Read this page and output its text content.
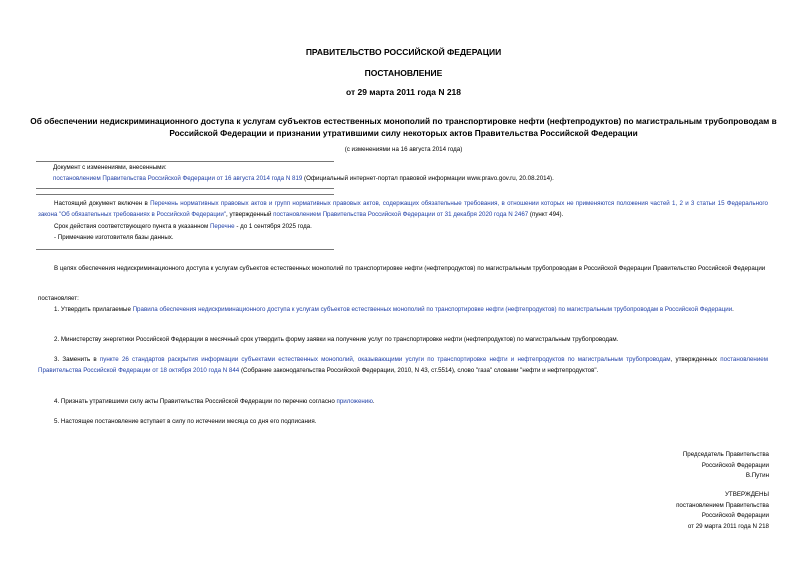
ПРАВИТЕЛЬСТВО РОССИЙСКОЙ ФЕДЕРАЦИИ

ПОСТАНОВЛЕНИЕ

от 29 марта 2011 года N 218

Об обеспечении недискриминационного доступа к услугам субъектов естественных монополий по транспортировке нефти (нефтепродуктов) по магистральным трубопроводам в Российской Федерации и признании утратившими силу некоторых актов Правительства Российской Федерации

(с изменениями на 16 августа 2014 года)

Документ с изменениями, внесенными:

постановлением Правительства Российской Федерации от 16 августа 2014 года N 819 (Официальный интернет-портал правовой информации www.pravo.gov.ru, 20.08.2014).

Настоящий документ включен в Перечень нормативных правовых актов и групп нормативных правовых актов, содержащих обязательные требования, в отношении которых не применяются положения частей 1, 2 и 3 статьи 15 Федерального закона "Об обязательных требованиях в Российской Федерации", утвержденный постановлением Правительства Российской Федерации от 31 декабря 2020 года N 2467 (пункт 494).

Срок действия соответствующего пункта в указанном Перечне - до 1 сентября 2025 года.

- Примечание изготовителя базы данных.

В целях обеспечения недискриминационного доступа к услугам субъектов естественных монополий по транспортировке нефти (нефтепродуктов) по магистральным трубопроводам в Российской Федерации Правительство Российской Федерации

постановляет:

1. Утвердить прилагаемые Правила обеспечения недискриминационного доступа к услугам субъектов естественных монополий по транспортировке нефти (нефтепродуктов) по магистральным трубопроводам в Российской Федерации.

2. Министерству энергетики Российской Федерации в месячный срок утвердить форму заявки на получение услуг по транспортировке нефти (нефтепродуктов) по магистральным трубопроводам.

3. Заменить в пункте 26 стандартов раскрытия информации субъектами естественных монополий, оказывающими услуги по транспортировке нефти и нефтепродуктов по магистральным трубопроводам, утвержденных постановлением Правительства Российской Федерации от 18 октября 2010 года N 844 (Собрание законодательства Российской Федерации, 2010, N 43, ст.5514), слово "газа" словами "нефти и нефтепродуктов".

4. Признать утратившими силу акты Правительства Российской Федерации по перечню согласно приложению.

5. Настоящее постановление вступает в силу по истечении месяца со дня его подписания.

Председатель Правительства
Российской Федерации
В.Путин
УТВЕРЖДЕНЫ
постановлением Правительства
Российской Федерации
от 29 марта 2011 года N 218
